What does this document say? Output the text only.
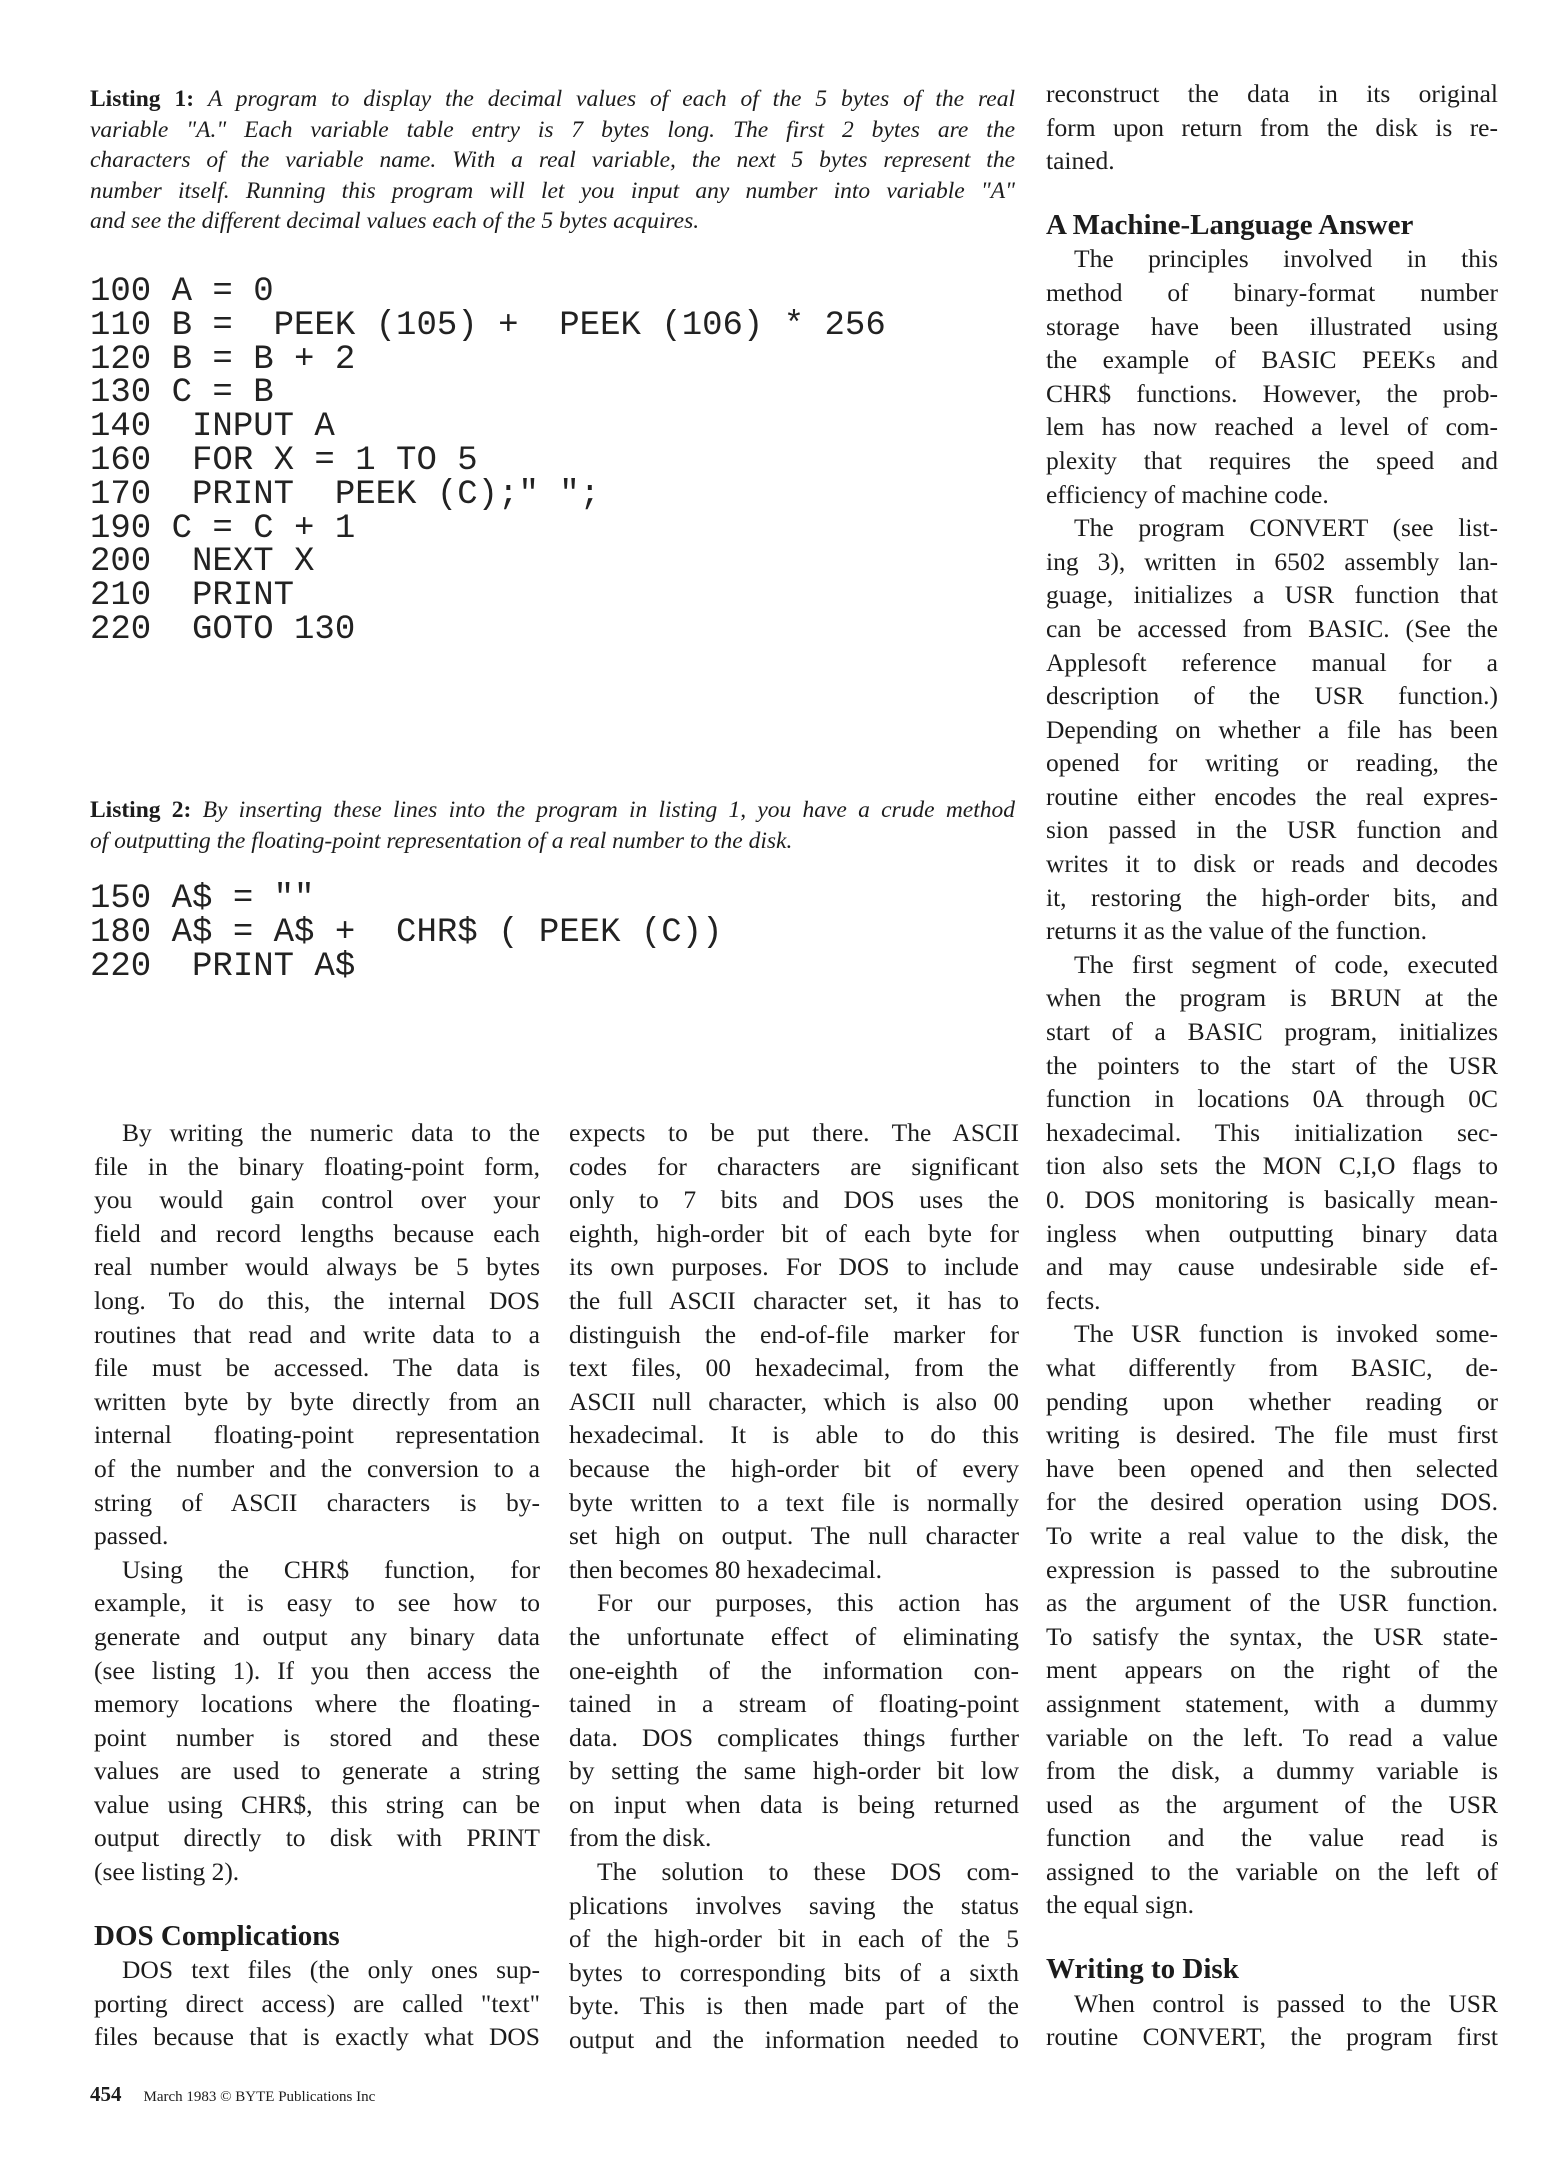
Listing 1: A program to display the decimal values of each of the 5 bytes of the real
variable "A." Each variable table entry is 7 bytes long. The first 2 bytes are the
characters of the variable name. With a real variable, the next 5 bytes represent the
number itself. Running this program will let you input any number into variable "A"
and see the different decimal values each of the 5 bytes acquires.
100 A = 0
110 B =  PEEK (105) +  PEEK (106) * 256
120 B = B + 2
130 C = B
140  INPUT A
160  FOR X = 1 TO 5
170  PRINT  PEEK (C);" ";
190 C = C + 1
200  NEXT X
210  PRINT
220  GOTO 130
Listing 2: By inserting these lines into the program in listing 1, you have a crude method
of outputting the floating-point representation of a real number to the disk.
150 A$ = ""
180 A$ = A$ +  CHR$ ( PEEK (C))
220  PRINT A$
By writing the numeric data to the
file in the binary floating-point form,
you would gain control over your
field and record lengths because each
real number would always be 5 bytes
long. To do this, the internal DOS
routines that read and write data to a
file must be accessed. The data is
written byte by byte directly from an
internal floating-point representation
of the number and the conversion to a
string of ASCII characters is by-
passed.
Using the CHR$ function, for
example, it is easy to see how to
generate and output any binary data
(see listing 1). If you then access the
memory locations where the floating-
point number is stored and these
values are used to generate a string
value using CHR$, this string can be
output directly to disk with PRINT
(see listing 2).
DOS Complications
DOS text files (the only ones sup-
porting direct access) are called "text"
files because that is exactly what DOS
expects to be put there. The ASCII
codes for characters are significant
only to 7 bits and DOS uses the
eighth, high-order bit of each byte for
its own purposes. For DOS to include
the full ASCII character set, it has to
distinguish the end-of-file marker for
text files, 00 hexadecimal, from the
ASCII null character, which is also 00
hexadecimal. It is able to do this
because the high-order bit of every
byte written to a text file is normally
set high on output. The null character
then becomes 80 hexadecimal.
For our purposes, this action has
the unfortunate effect of eliminating
one-eighth of the information con-
tained in a stream of floating-point
data. DOS complicates things further
by setting the same high-order bit low
on input when data is being returned
from the disk.
The solution to these DOS com-
plications involves saving the status
of the high-order bit in each of the 5
bytes to corresponding bits of a sixth
byte. This is then made part of the
output and the information needed to
reconstruct the data in its original
form upon return from the disk is re-
tained.
A Machine-Language Answer
The principles involved in this
method of binary-format number
storage have been illustrated using
the example of BASIC PEEKs and
CHR$ functions. However, the prob-
lem has now reached a level of com-
plexity that requires the speed and
efficiency of machine code.
The program CONVERT (see list-
ing 3), written in 6502 assembly lan-
guage, initializes a USR function that
can be accessed from BASIC. (See the
Applesoft reference manual for a
description of the USR function.)
Depending on whether a file has been
opened for writing or reading, the
routine either encodes the real expres-
sion passed in the USR function and
writes it to disk or reads and decodes
it, restoring the high-order bits, and
returns it as the value of the function.
The first segment of code, executed
when the program is BRUN at the
start of a BASIC program, initializes
the pointers to the start of the USR
function in locations 0A through 0C
hexadecimal. This initialization sec-
tion also sets the MON C,I,O flags to
0. DOS monitoring is basically mean-
ingless when outputting binary data
and may cause undesirable side ef-
fects.
The USR function is invoked some-
what differently from BASIC, de-
pending upon whether reading or
writing is desired. The file must first
have been opened and then selected
for the desired operation using DOS.
To write a real value to the disk, the
expression is passed to the subroutine
as the argument of the USR function.
To satisfy the syntax, the USR state-
ment appears on the right of the
assignment statement, with a dummy
variable on the left. To read a value
from the disk, a dummy variable is
used as the argument of the USR
function and the value read is
assigned to the variable on the left of
the equal sign.
Writing to Disk
When control is passed to the USR
routine CONVERT, the program first
454 March 1983 © BYTE Publications Inc
